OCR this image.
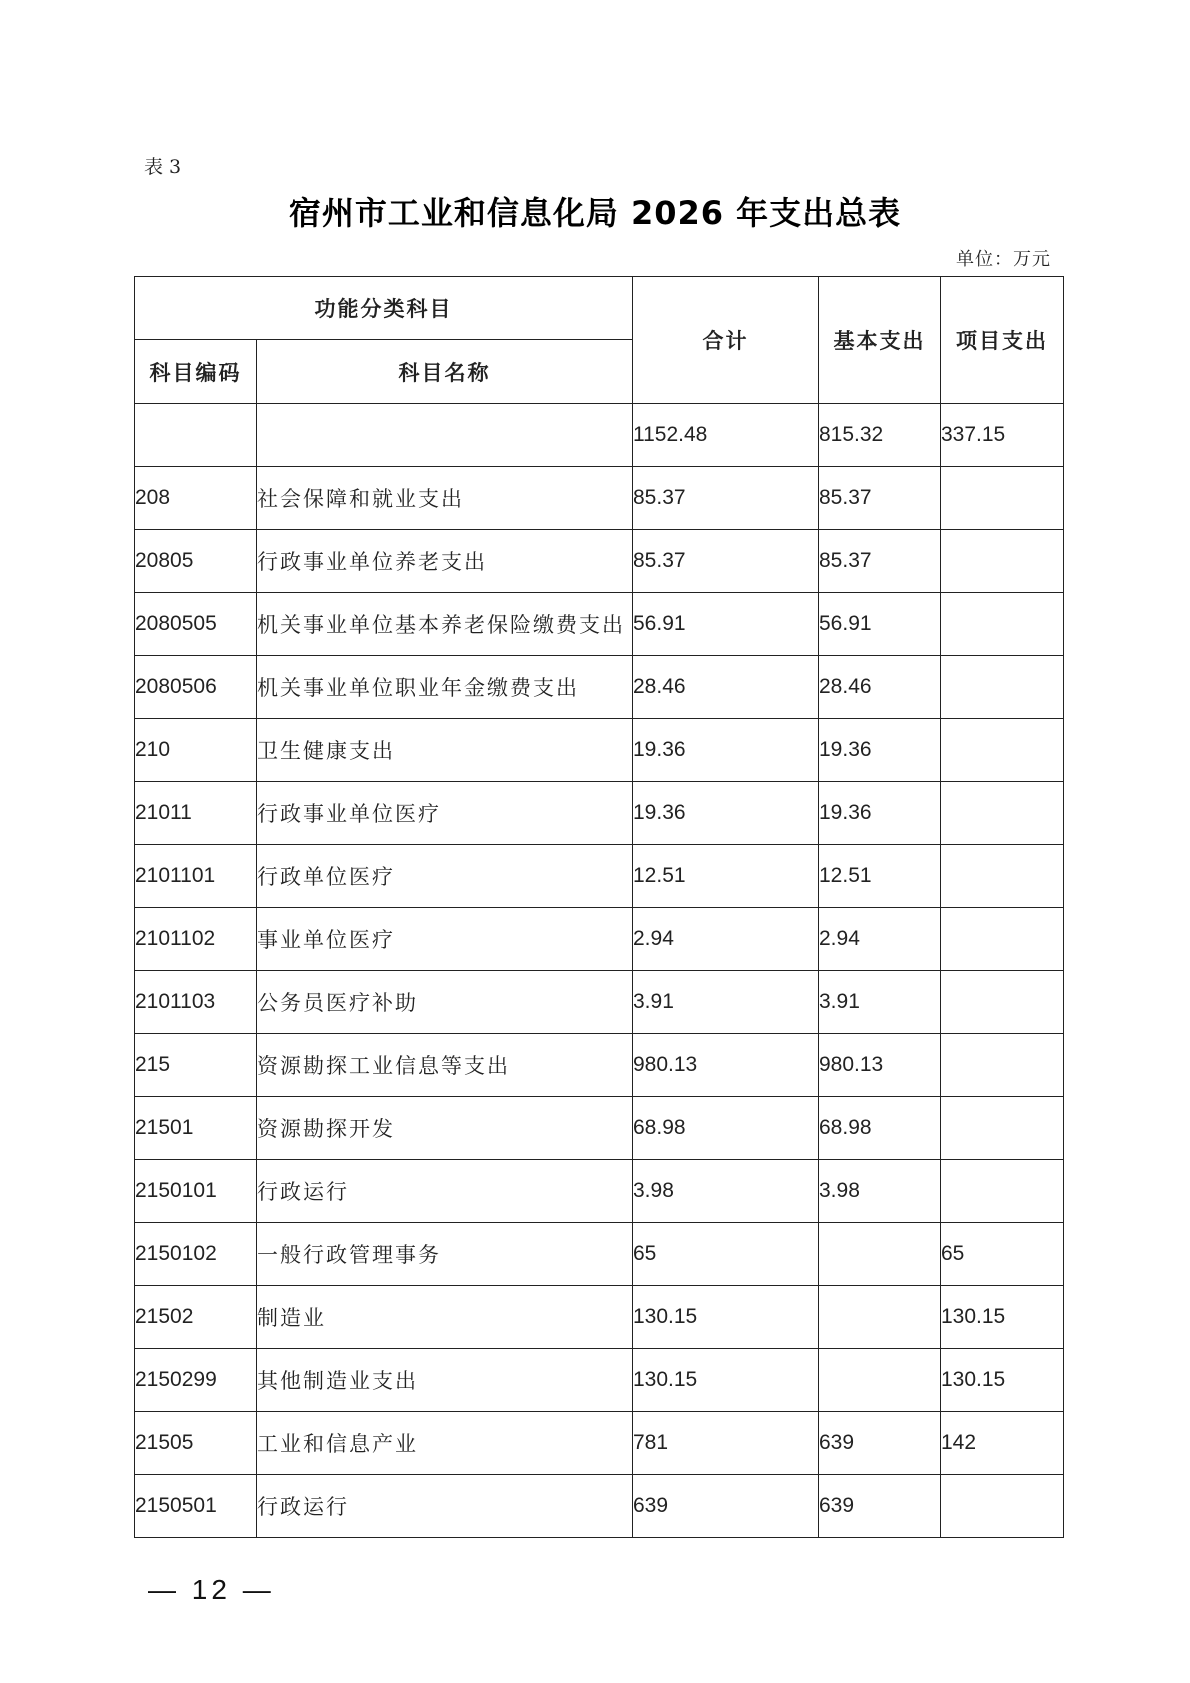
表 3
宿州市工业和信息化局 2026 年支出总表
单位：万元
功能分类科目		合计	基本支出	项目支出
科目编码	科目名称			
		1152.48	815.32	337.15
208	社会保障和就业支出	85.37	85.37	
20805	行政事业单位养老支出	85.37	85.37	
2080505	机关事业单位基本养老保险缴费支出	56.91	56.91	
2080506	机关事业单位职业年金缴费支出	28.46	28.46	
210	卫生健康支出	19.36	19.36	
21011	行政事业单位医疗	19.36	19.36	
2101101	行政单位医疗	12.51	12.51	
2101102	事业单位医疗	2.94	2.94	
2101103	公务员医疗补助	3.91	3.91	
215	资源勘探工业信息等支出	980.13	980.13	
21501	资源勘探开发	68.98	68.98	
2150101	行政运行	3.98	3.98	
2150102	一般行政管理事务	65		65
21502	制造业	130.15		130.15
2150299	其他制造业支出	130.15		130.15
21505	工业和信息产业	781	639	142
2150501	行政运行	639	639	
— 12 —
